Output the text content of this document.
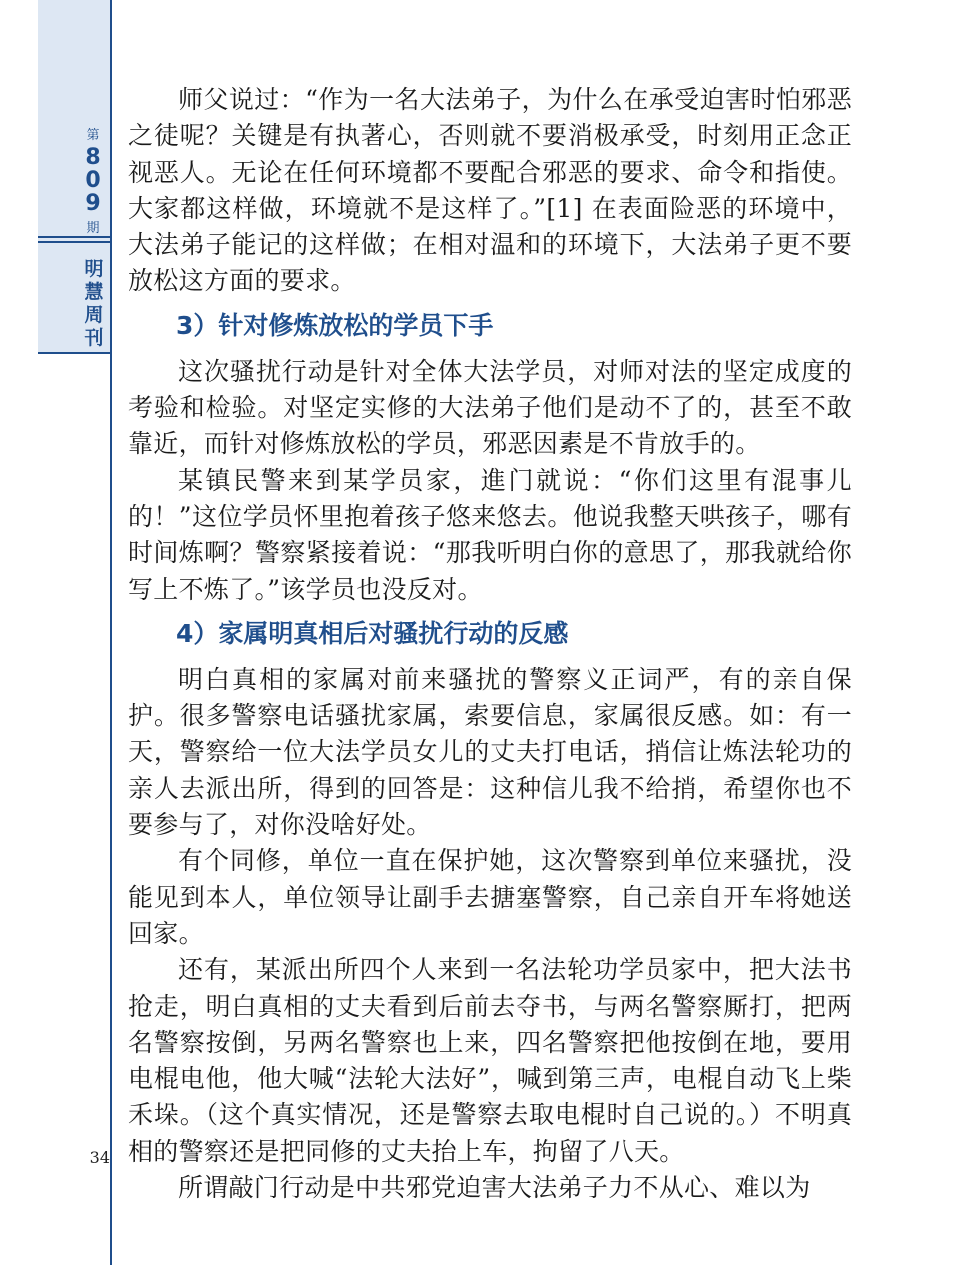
第
8
0
9
期
明
慧
周
刊
34

师父说过：“作为一名大法弟子，为什么在承受迫害时怕邪恶之徒呢？关键是有执著心，否则就不要消极承受，时刻用正念正视恶人。无论在任何环境都不要配合邪恶的要求、命令和指使。大家都这样做，环境就不是这样了。”[1] 在表面险恶的环境中，大法弟子能记的这样做；在相对温和的环境下，大法弟子更不要放松这方面的要求。

3）针对修炼放松的学员下手

这次骚扰行动是针对全体大法学员，对师对法的坚定成度的考验和检验。对坚定实修的大法弟子他们是动不了的，甚至不敢靠近，而针对修炼放松的学员，邪恶因素是不肯放手的。

某镇民警来到某学员家，進门就说：“你们这里有混事儿的！”这位学员怀里抱着孩子悠来悠去。他说我整天哄孩子，哪有时间炼啊？警察紧接着说：“那我听明白你的意思了，那我就给你写上不炼了。”该学员也没反对。

4）家属明真相后对骚扰行动的反感

明白真相的家属对前来骚扰的警察义正词严，有的亲自保护。很多警察电话骚扰家属，索要信息，家属很反感。如：有一天，警察给一位大法学员女儿的丈夫打电话，捎信让炼法轮功的亲人去派出所，得到的回答是：这种信儿我不给捎，希望你也不要参与了，对你没啥好处。

有个同修，单位一直在保护她，这次警察到单位来骚扰，没能见到本人，单位领导让副手去搪塞警察，自己亲自开车将她送回家。

还有，某派出所四个人来到一名法轮功学员家中，把大法书抢走，明白真相的丈夫看到后前去夺书，与两名警察厮打，把两名警察按倒，另两名警察也上来，四名警察把他按倒在地，要用电棍电他，他大喊“法轮大法好”，喊到第三声，电棍自动飞上柴禾垛。（这个真实情况，还是警察去取电棍时自己说的。）不明真相的警察还是把同修的丈夫抬上车，拘留了八天。

所谓敲门行动是中共邪党迫害大法弟子力不从心、难以为
